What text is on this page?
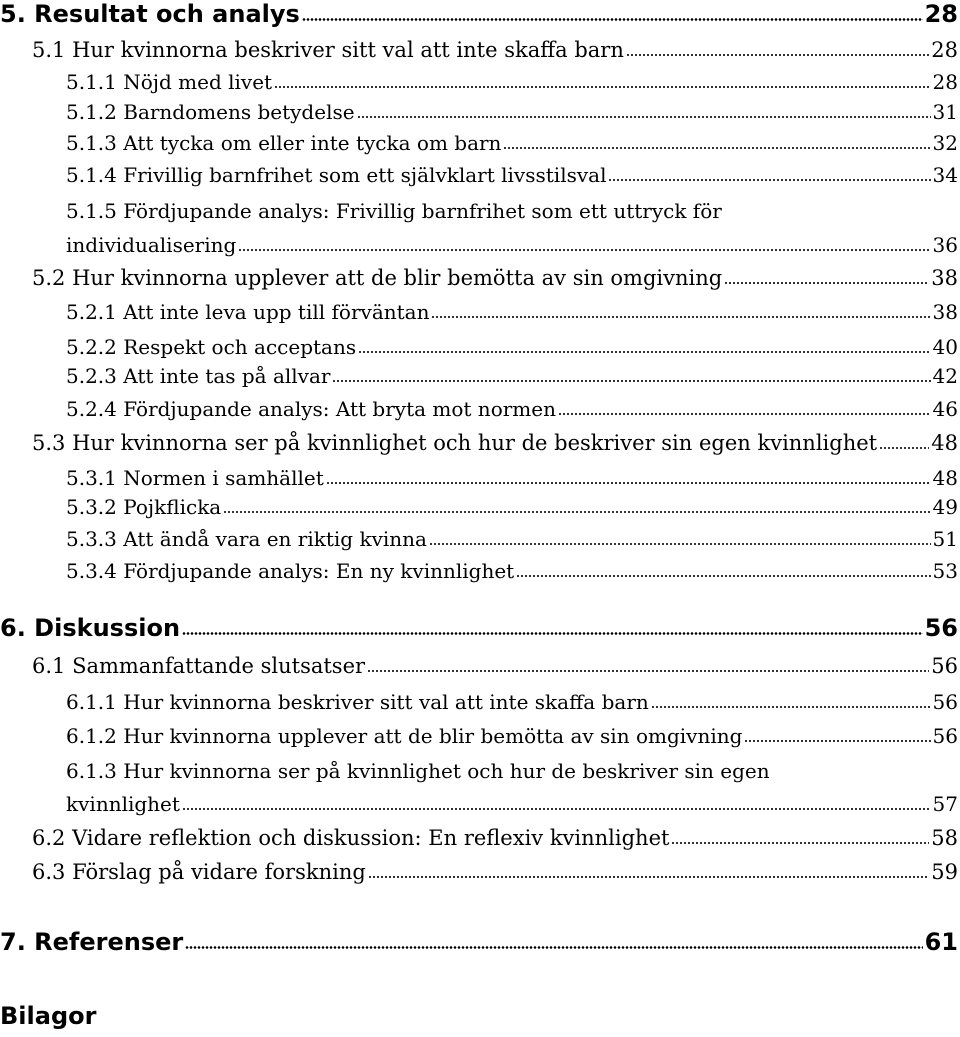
5. Resultat och analys	28
5.1 Hur kvinnorna beskriver sitt val att inte skaffa barn	28
5.1.1 Nöjd med livet	28
5.1.2 Barndomens betydelse	31
5.1.3 Att tycka om eller inte tycka om barn	32
5.1.4 Frivillig barnfrihet som ett självklart livsstilsval	34
5.1.5 Fördjupande analys: Frivillig barnfrihet som ett uttryck för
individualisering	36
5.2 Hur kvinnorna upplever att de blir bemötta av sin omgivning	38
5.2.1 Att inte leva upp till förväntan	38
5.2.2 Respekt och acceptans	40
5.2.3 Att inte tas på allvar	42
5.2.4 Fördjupande analys: Att bryta mot normen	46
5.3 Hur kvinnorna ser på kvinnlighet och hur de beskriver sin egen kvinnlighet	48
5.3.1 Normen i samhället	48
5.3.2 Pojkflicka	49
5.3.3 Att ändå vara en riktig kvinna	51
5.3.4 Fördjupande analys: En ny kvinnlighet	53
6. Diskussion	56
6.1 Sammanfattande slutsatser	56
6.1.1 Hur kvinnorna beskriver sitt val att inte skaffa barn	56
6.1.2 Hur kvinnorna upplever att de blir bemötta av sin omgivning	56
6.1.3 Hur kvinnorna ser på kvinnlighet och hur de beskriver sin egen
kvinnlighet	57
6.2 Vidare reflektion och diskussion: En reflexiv kvinnlighet	58
6.3 Förslag på vidare forskning	59
7. Referenser	61
Bilagor
